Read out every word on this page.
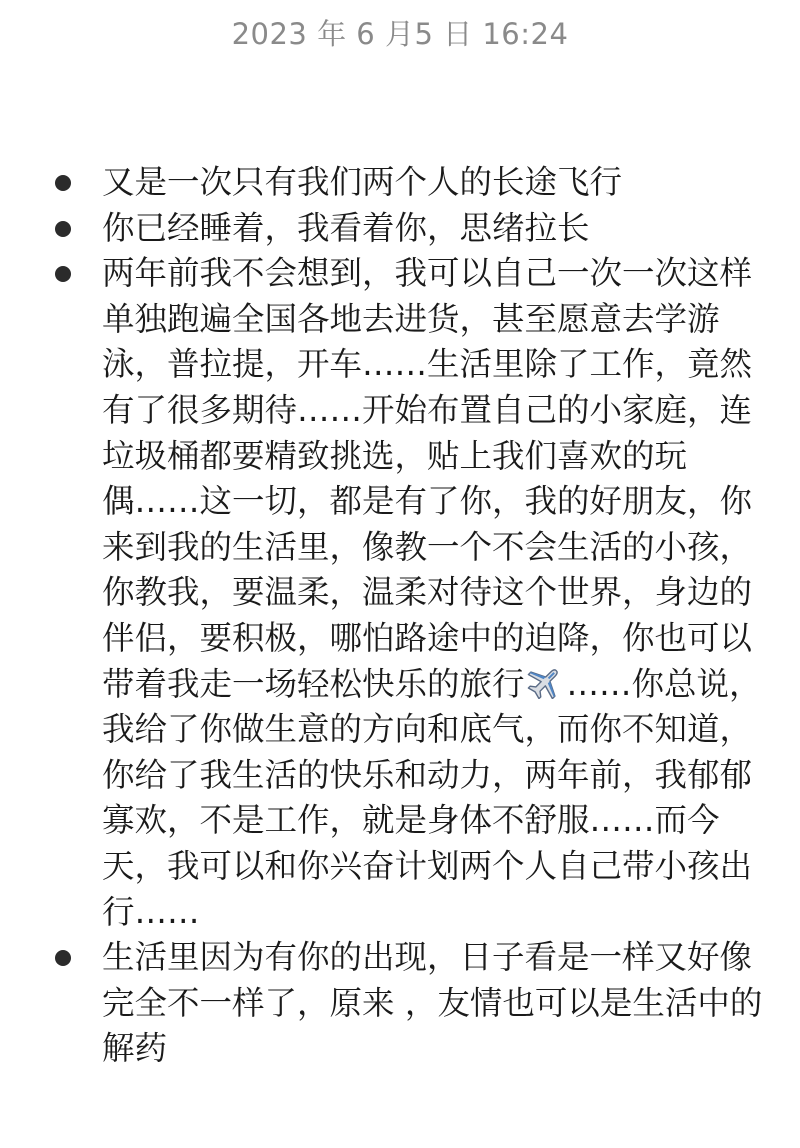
2023 年 6 月5 日 16:24
又是一次只有我们两个人的长途飞行
你已经睡着，我看着你，思绪拉长
两年前我不会想到，我可以自己一次一次这样单独跑遍全国各地去进货，甚至愿意去学游泳，普拉提，开车……生活里除了工作，竟然有了很多期待……开始布置自己的小家庭，连垃圾桶都要精致挑选，贴上我们喜欢的玩偶……这一切，都是有了你，我的好朋友，你来到我的生活里，像教一个不会生活的小孩，你教我，要温柔，温柔对待这个世界，身边的伴侣，要积极，哪怕路途中的迫降，你也可以带着我走一场轻松快乐的旅行 ……你总说，我给了你做生意的方向和底气，而你不知道，你给了我生活的快乐和动力，两年前，我郁郁寡欢，不是工作，就是身体不舒服……而今天，我可以和你兴奋计划两个人自己带小孩出行……
生活里因为有你的出现，日子看是一样又好像完全不一样了，原来 ，友情也可以是生活中的解药
